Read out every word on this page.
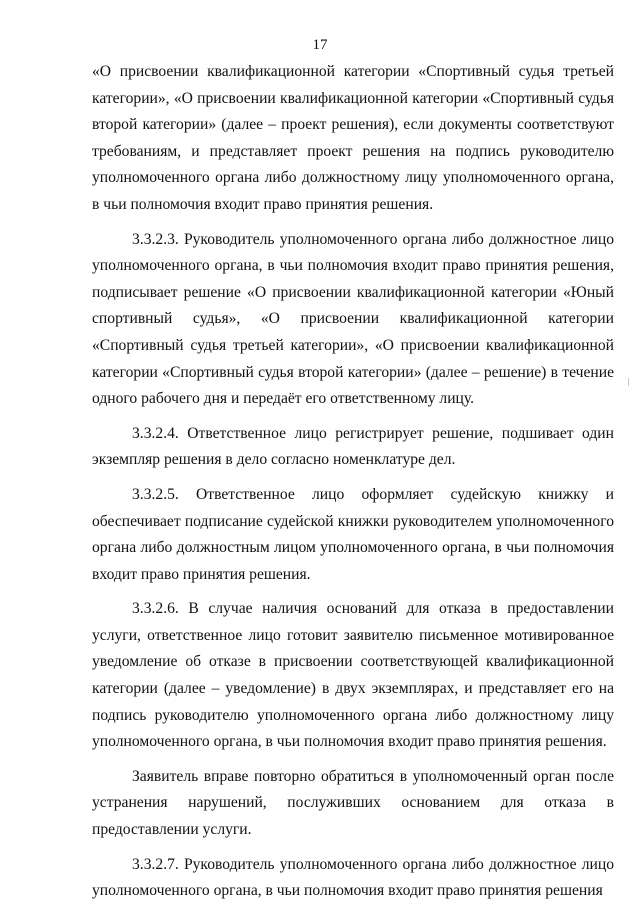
17

«О присвоении квалификационной категории «Спортивный судья третьей категории», «О присвоении квалификационной категории «Спортивный судья второй категории» (далее – проект решения), если документы соответствуют требованиям, и представляет проект решения на подпись руководителю уполномоченного органа либо должностному лицу уполномоченного органа, в чьи полномочия входит право принятия решения.

3.3.2.3. Руководитель уполномоченного органа либо должностное лицо уполномоченного органа, в чьи полномочия входит право принятия решения, подписывает решение «О присвоении квалификационной категории «Юный спортивный судья», «О присвоении квалификационной категории «Спортивный судья третьей категории», «О присвоении квалификационной категории «Спортивный судья второй категории» (далее – решение) в течение одного рабочего дня и передаёт его ответственному лицу.

3.3.2.4. Ответственное лицо регистрирует решение, подшивает один экземпляр решения в дело согласно номенклатуре дел.

3.3.2.5. Ответственное лицо оформляет судейскую книжку и обеспечивает подписание судейской книжки руководителем уполномоченного органа либо должностным лицом уполномоченного органа, в чьи полномочия входит право принятия решения.

3.3.2.6. В случае наличия оснований для отказа в предоставлении услуги, ответственное лицо готовит заявителю письменное мотивированное уведомление об отказе в присвоении соответствующей квалификационной категории (далее – уведомление) в двух экземплярах, и представляет его на подпись руководителю уполномоченного органа либо должностному лицу уполномоченного органа, в чьи полномочия входит право принятия решения.

Заявитель вправе повторно обратиться в уполномоченный орган после устранения нарушений, послуживших основанием для отказа в предоставлении услуги.

3.3.2.7. Руководитель уполномоченного органа либо должностное лицо уполномоченного органа, в чьи полномочия входит право принятия решения
